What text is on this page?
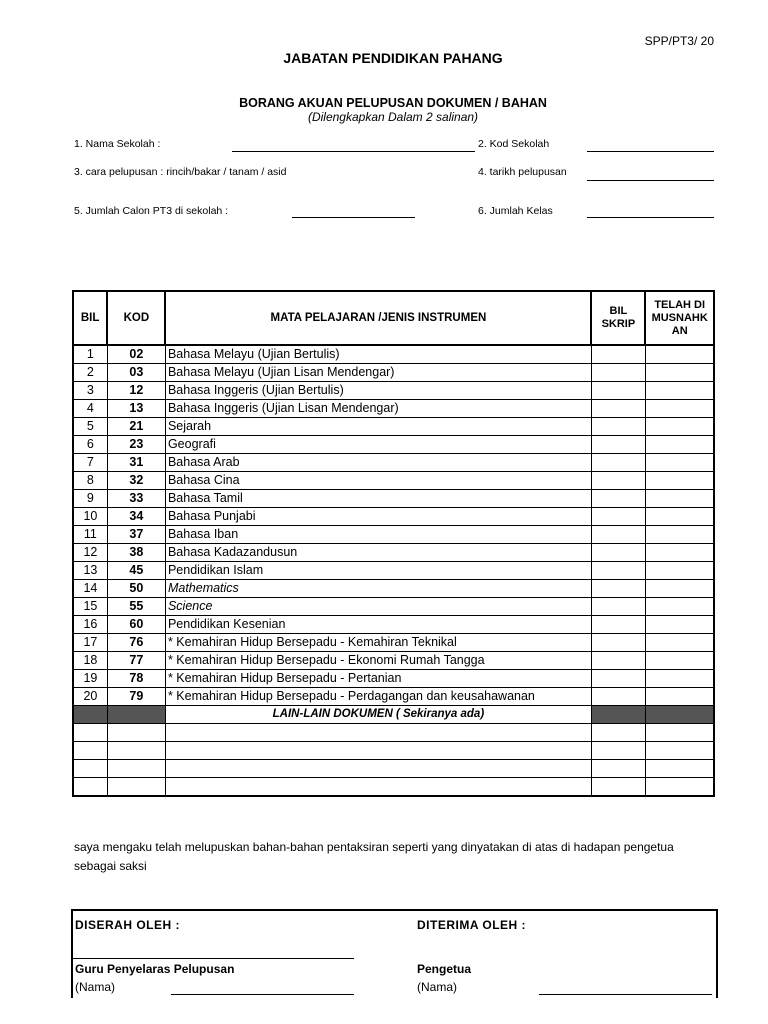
SPP/PT3/ 20
JABATAN PENDIDIKAN PAHANG
BORANG AKUAN PELUPUSAN DOKUMEN / BAHAN
(Dilengkapkan Dalam 2 salinan)
1. Nama Sekolah :	2. Kod Sekolah
3. cara pelupusan : rincih/bakar / tanam / asid	4. tarikh pelupusan
5. Jumlah Calon PT3 di sekolah :	6. Jumlah Kelas
BIL	KOD	MATA PELAJARAN /JENIS INSTRUMEN	BIL SKRIP	TELAH DI MUSNAHK AN
1	02	Bahasa Melayu (Ujian Bertulis)		
2	03	Bahasa Melayu (Ujian Lisan Mendengar)		
3	12	Bahasa Inggeris (Ujian Bertulis)		
4	13	Bahasa Inggeris (Ujian Lisan Mendengar)		
5	21	Sejarah		
6	23	Geografi		
7	31	Bahasa Arab		
8	32	Bahasa Cina		
9	33	Bahasa Tamil		
10	34	Bahasa Punjabi		
11	37	Bahasa Iban		
12	38	Bahasa Kadazandusun		
13	45	Pendidikan Islam		
14	50	Mathematics		
15	55	Science		
16	60	Pendidikan Kesenian		
17	76	* Kemahiran Hidup Bersepadu - Kemahiran Teknikal		
18	77	* Kemahiran Hidup Bersepadu - Ekonomi Rumah Tangga		
19	78	* Kemahiran Hidup Bersepadu - Pertanian		
20	79	* Kemahiran Hidup Bersepadu - Perdagangan dan keusahawanan		
		LAIN-LAIN DOKUMEN ( Sekiranya ada)		

saya mengaku telah melupuskan bahan-bahan pentaksiran seperti yang dinyatakan di atas di hadapan pengetua sebagai saksi
DISERAH OLEH :	DITERIMA OLEH :
Guru Penyelaras Pelupusan	Pengetua
(Nama)	(Nama)
